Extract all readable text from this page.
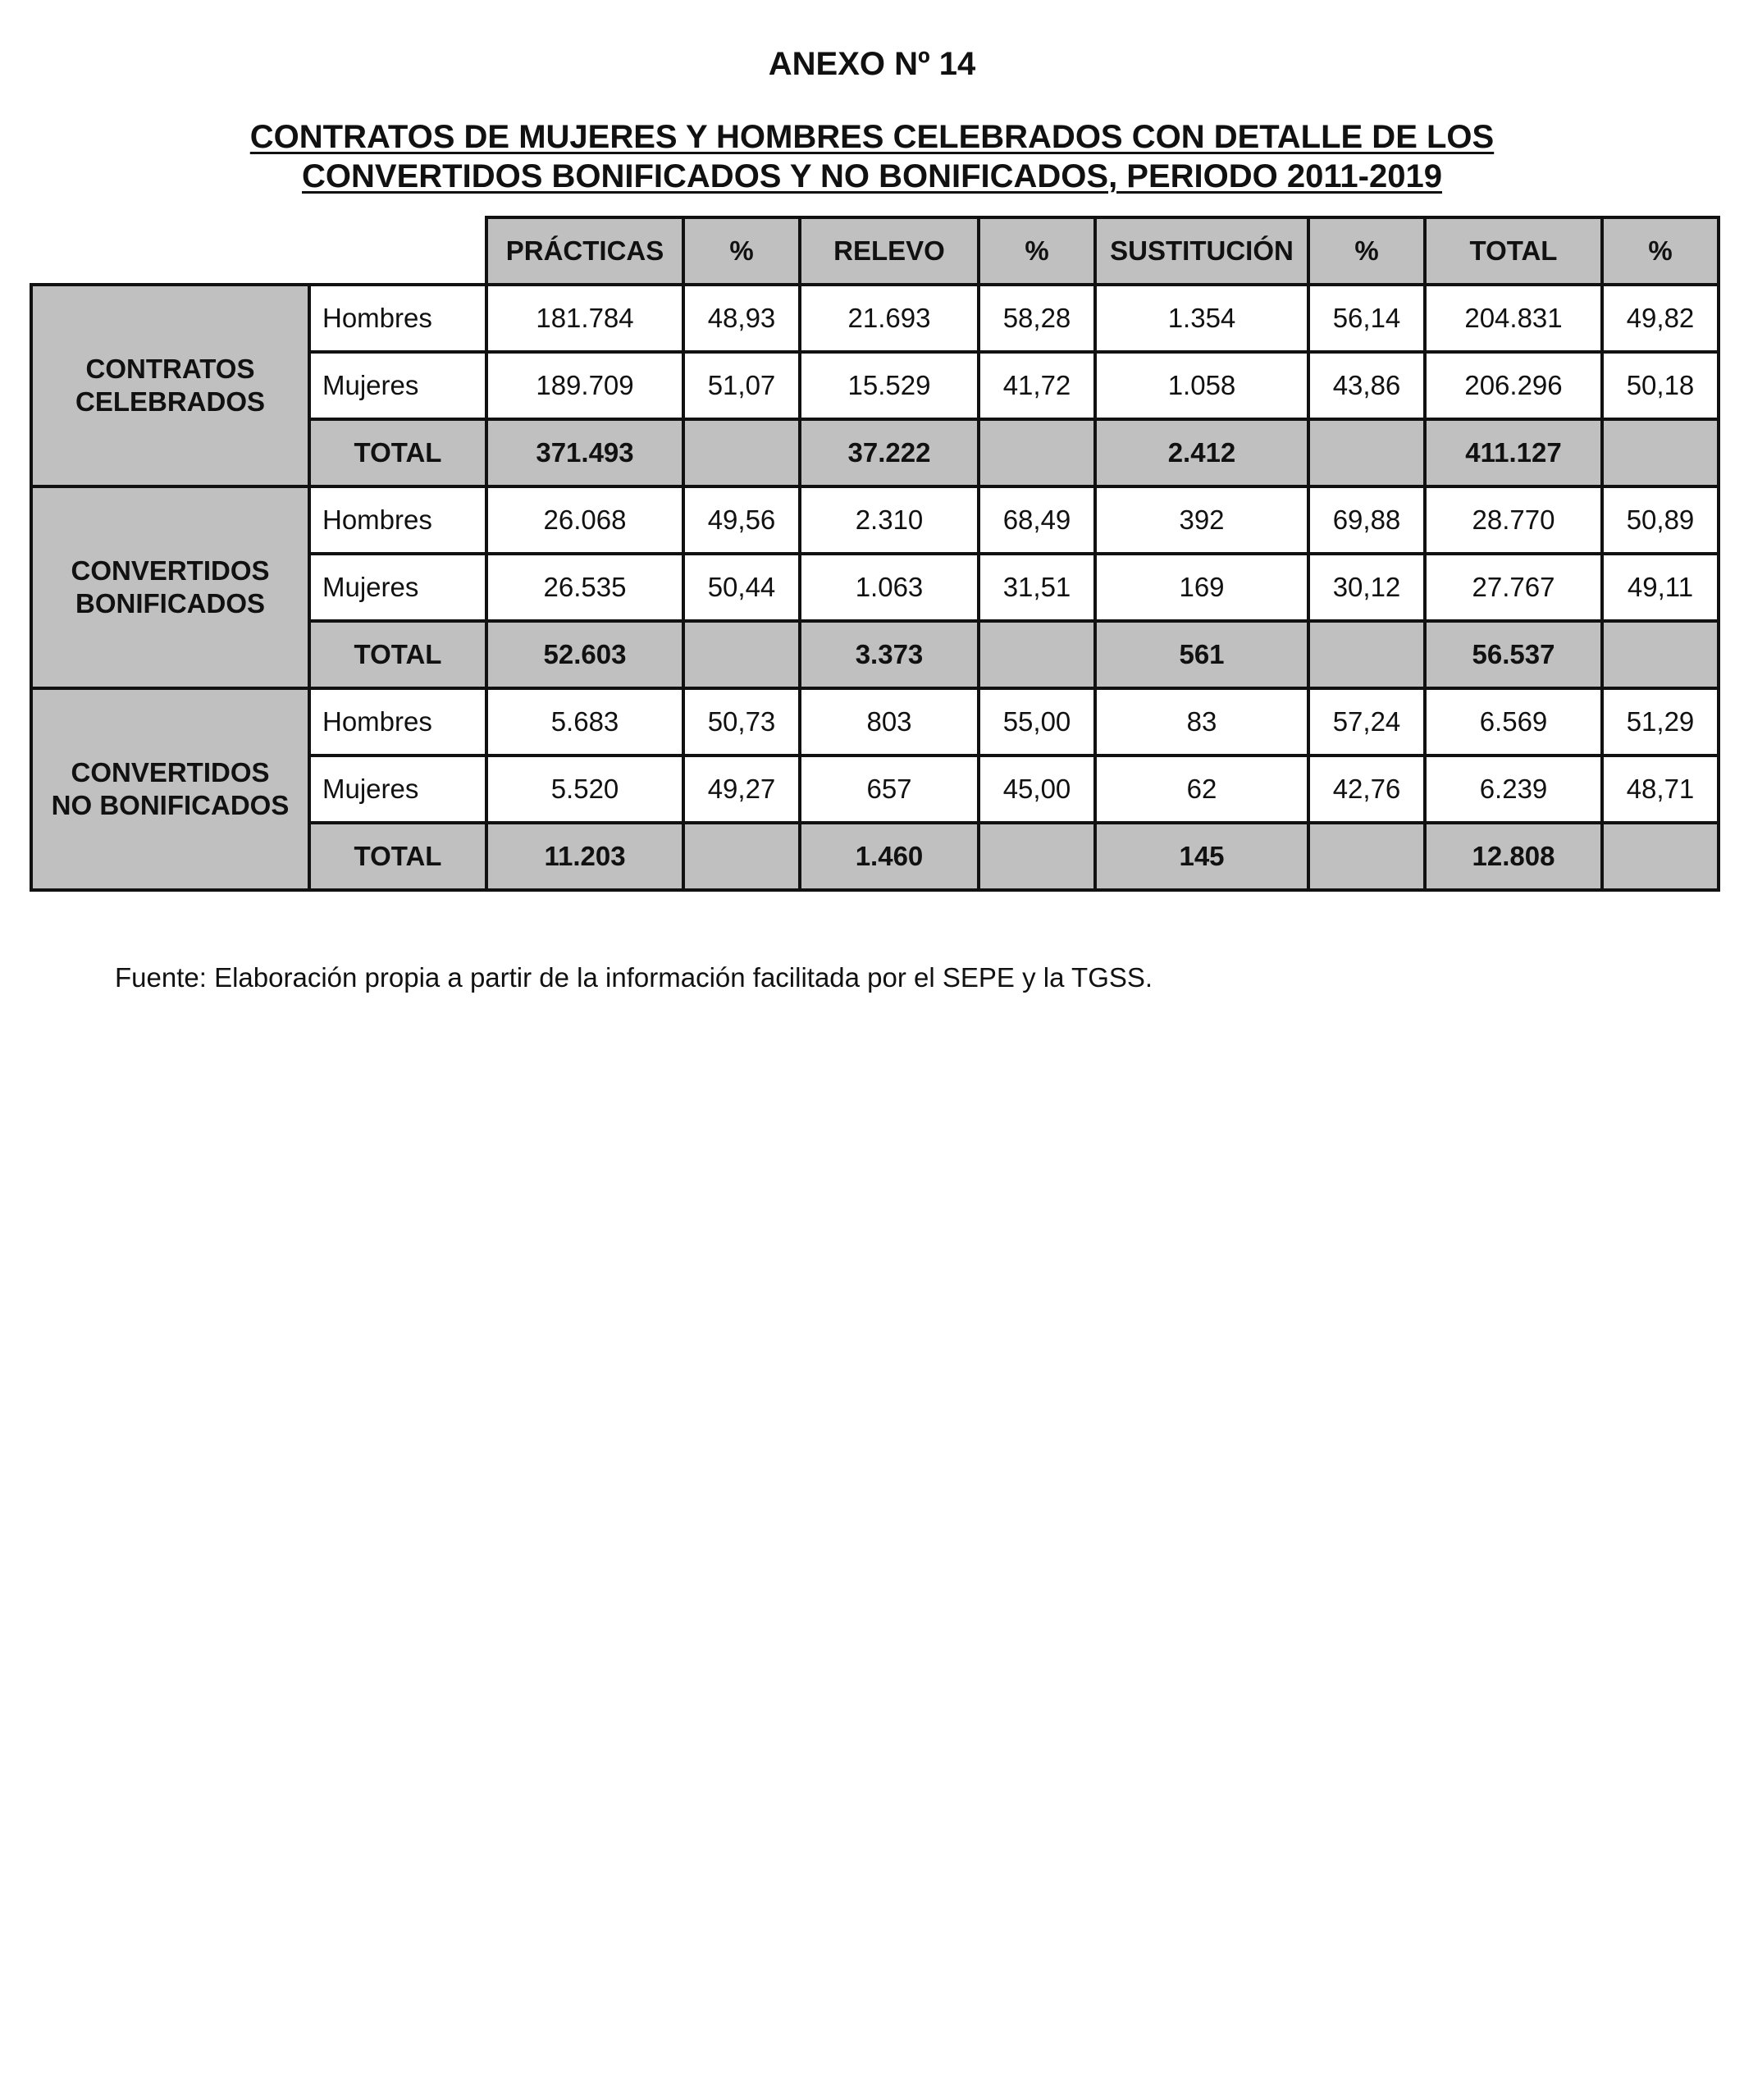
ANEXO Nº 14
CONTRATOS DE MUJERES Y HOMBRES CELEBRADOS CON DETALLE DE LOS
CONVERTIDOS BONIFICADOS Y NO BONIFICADOS, PERIODO 2011-2019
		PRÁCTICAS	%	RELEVO	%	SUSTITUCIÓN	%	TOTAL	%
CONTRATOS
CELEBRADOS	Hombres	181.784	48,93	21.693	58,28	1.354	56,14	204.831	49,82
	Mujeres	189.709	51,07	15.529	41,72	1.058	43,86	206.296	50,18
	TOTAL	371.493		37.222		2.412		411.127	
CONVERTIDOS
BONIFICADOS	Hombres	26.068	49,56	2.310	68,49	392	69,88	28.770	50,89
	Mujeres	26.535	50,44	1.063	31,51	169	30,12	27.767	49,11
	TOTAL	52.603		3.373		561		56.537	
CONVERTIDOS
NO BONIFICADOS	Hombres	5.683	50,73	803	55,00	83	57,24	6.569	51,29
	Mujeres	5.520	49,27	657	45,00	62	42,76	6.239	48,71
	TOTAL	11.203		1.460		145		12.808	
Fuente: Elaboración propia a partir de la información facilitada por el SEPE y la TGSS.
